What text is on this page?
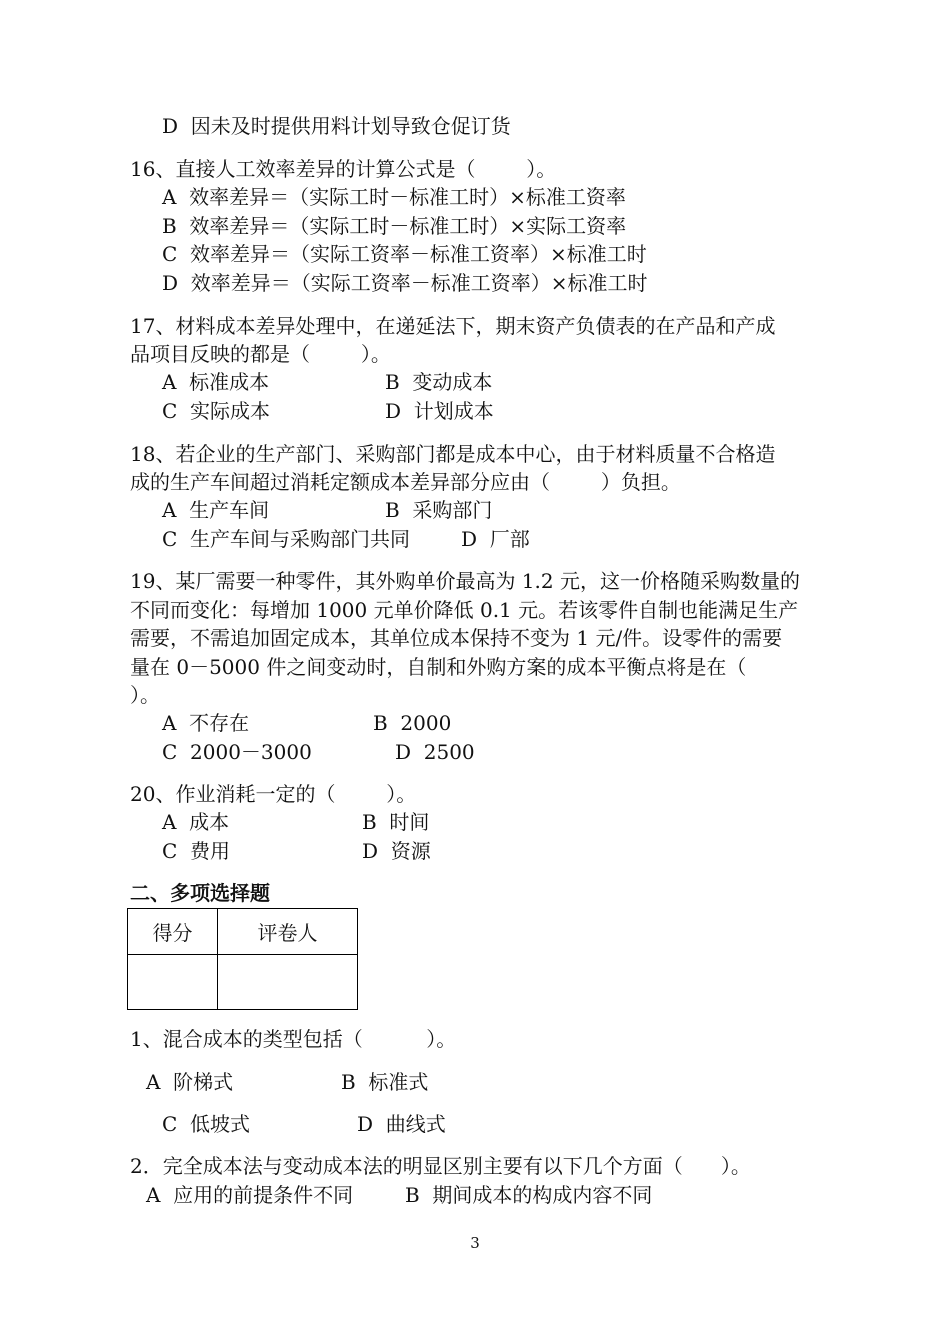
D  因未及时提供用料计划导致仓促订货
16、直接人工效率差异的计算公式是（        ）。
A  效率差异＝（实际工时－标准工时）×标准工资率
B  效率差异＝（实际工时－标准工时）×实际工资率
C  效率差异＝（实际工资率－标准工资率）×标准工时
D  效率差异＝（实际工资率－标准工资率）×标准工时
17、材料成本差异处理中，在递延法下，期末资产负债表的在产品和产成
品项目反映的都是（        ）。
A  标准成本	B  变动成本
C  实际成本	D  计划成本
18、若企业的生产部门、采购部门都是成本中心，由于材料质量不合格造
成的生产车间超过消耗定额成本差异部分应由（        ）负担。
A  生产车间	B  采购部门
C  生产车间与采购部门共同	D  厂部
19、某厂需要一种零件，其外购单价最高为 1.2 元，这一价格随采购数量的
不同而变化：每增加 1000 元单价降低 0.1 元。若该零件自制也能满足生产
需要，不需追加固定成本，其单位成本保持不变为 1 元/件。设零件的需要
量在 0－5000 件之间变动时，自制和外购方案的成本平衡点将是在（
）。
A  不存在	B  2000
C  2000－3000	D  2500
20、作业消耗一定的（        ）。
A  成本	B  时间
C  费用	D  资源
二、多项选择题
得分	评卷人

1、混合成本的类型包括（          ）。
A  阶梯式	B  标准式
C  低坡式	D  曲线式
2．完全成本法与变动成本法的明显区别主要有以下几个方面（      ）。
A  应用的前提条件不同	B  期间成本的构成内容不同
3
